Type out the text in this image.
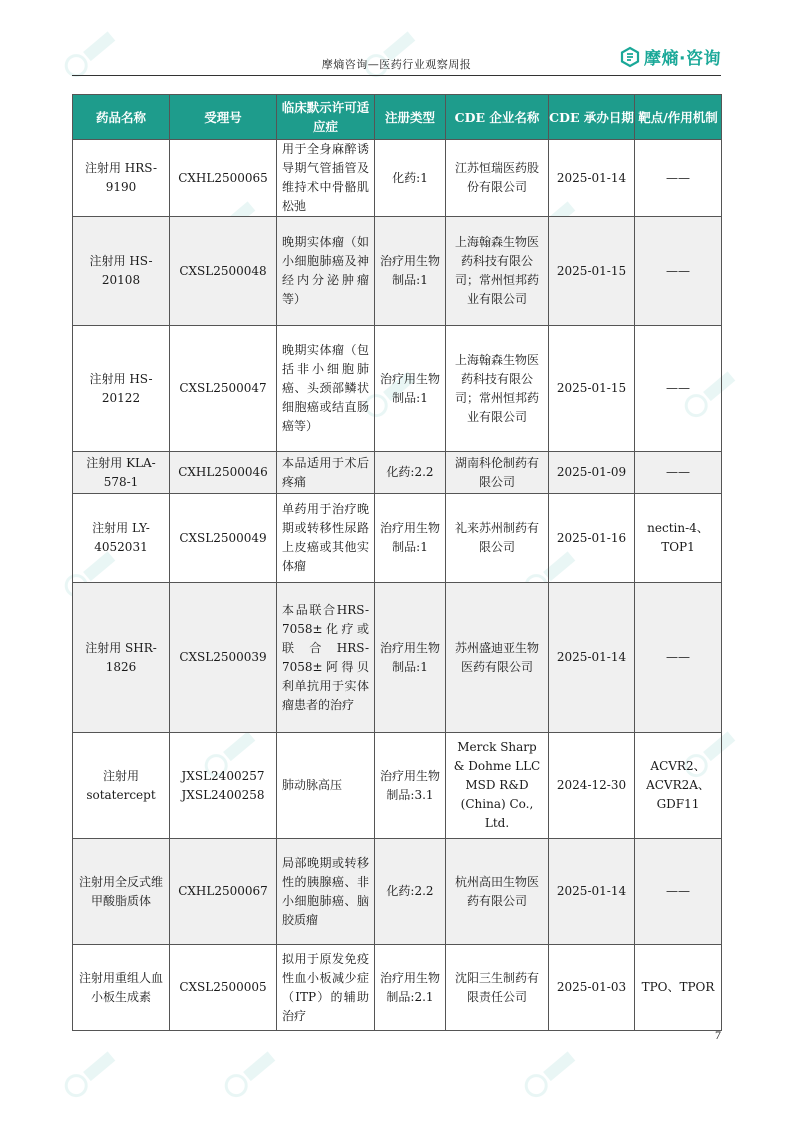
摩熵咨询—医药行业观察周报	摩熵·咨询
药品名称	受理号	临床默示许可适应症	注册类型	CDE 企业名称	CDE 承办日期	靶点/作用机制

注射用 HRS-9190	CXHL2500065	用于全身麻醉诱导期气管插管及维持术中骨骼肌松弛	化药:1	江苏恒瑞医药股份有限公司	2025-01-14	——

注射用 HS-20108	CXSL2500048	晚期实体瘤（如小细胞肺癌及神经内分泌肿瘤等）	治疗用生物制品:1	上海翰森生物医药科技有限公司；常州恒邦药业有限公司	2025-01-15	——

注射用 HS-20122	CXSL2500047	晚期实体瘤（包括非小细胞肺癌、头颈部鳞状细胞癌或结直肠癌等）	治疗用生物制品:1	上海翰森生物医药科技有限公司；常州恒邦药业有限公司	2025-01-15	——

注射用 KLA-578-1	CXHL2500046	本品适用于术后疼痛	化药:2.2	湖南科伦制药有限公司	2025-01-09	——

注射用 LY-4052031	CXSL2500049	单药用于治疗晚期或转移性尿路上皮癌或其他实体瘤	治疗用生物制品:1	礼来苏州制药有限公司	2025-01-16	nectin-4、TOP1

注射用 SHR-1826	CXSL2500039	本品联合HRS-7058±化疗或联合HRS-7058±阿得贝利单抗用于实体瘤患者的治疗	治疗用生物制品:1	苏州盛迪亚生物医药有限公司	2025-01-14	——

注射用 sotatercept	JXSL2400257 JXSL2400258	肺动脉高压	治疗用生物制品:3.1	Merck Sharp & Dohme LLC MSD R&D (China) Co., Ltd.	2024-12-30	ACVR2、ACVR2A、GDF11

注射用全反式维甲酸脂质体	CXHL2500067	局部晚期或转移性的胰腺癌、非小细胞肺癌、脑胶质瘤	化药:2.2	杭州高田生物医药有限公司	2025-01-14	——

注射用重组人血小板生成素	CXSL2500005	拟用于原发免疫性血小板减少症（ITP）的辅助治疗	治疗用生物制品:2.1	沈阳三生制药有限责任公司	2025-01-03	TPO、TPOR
7
